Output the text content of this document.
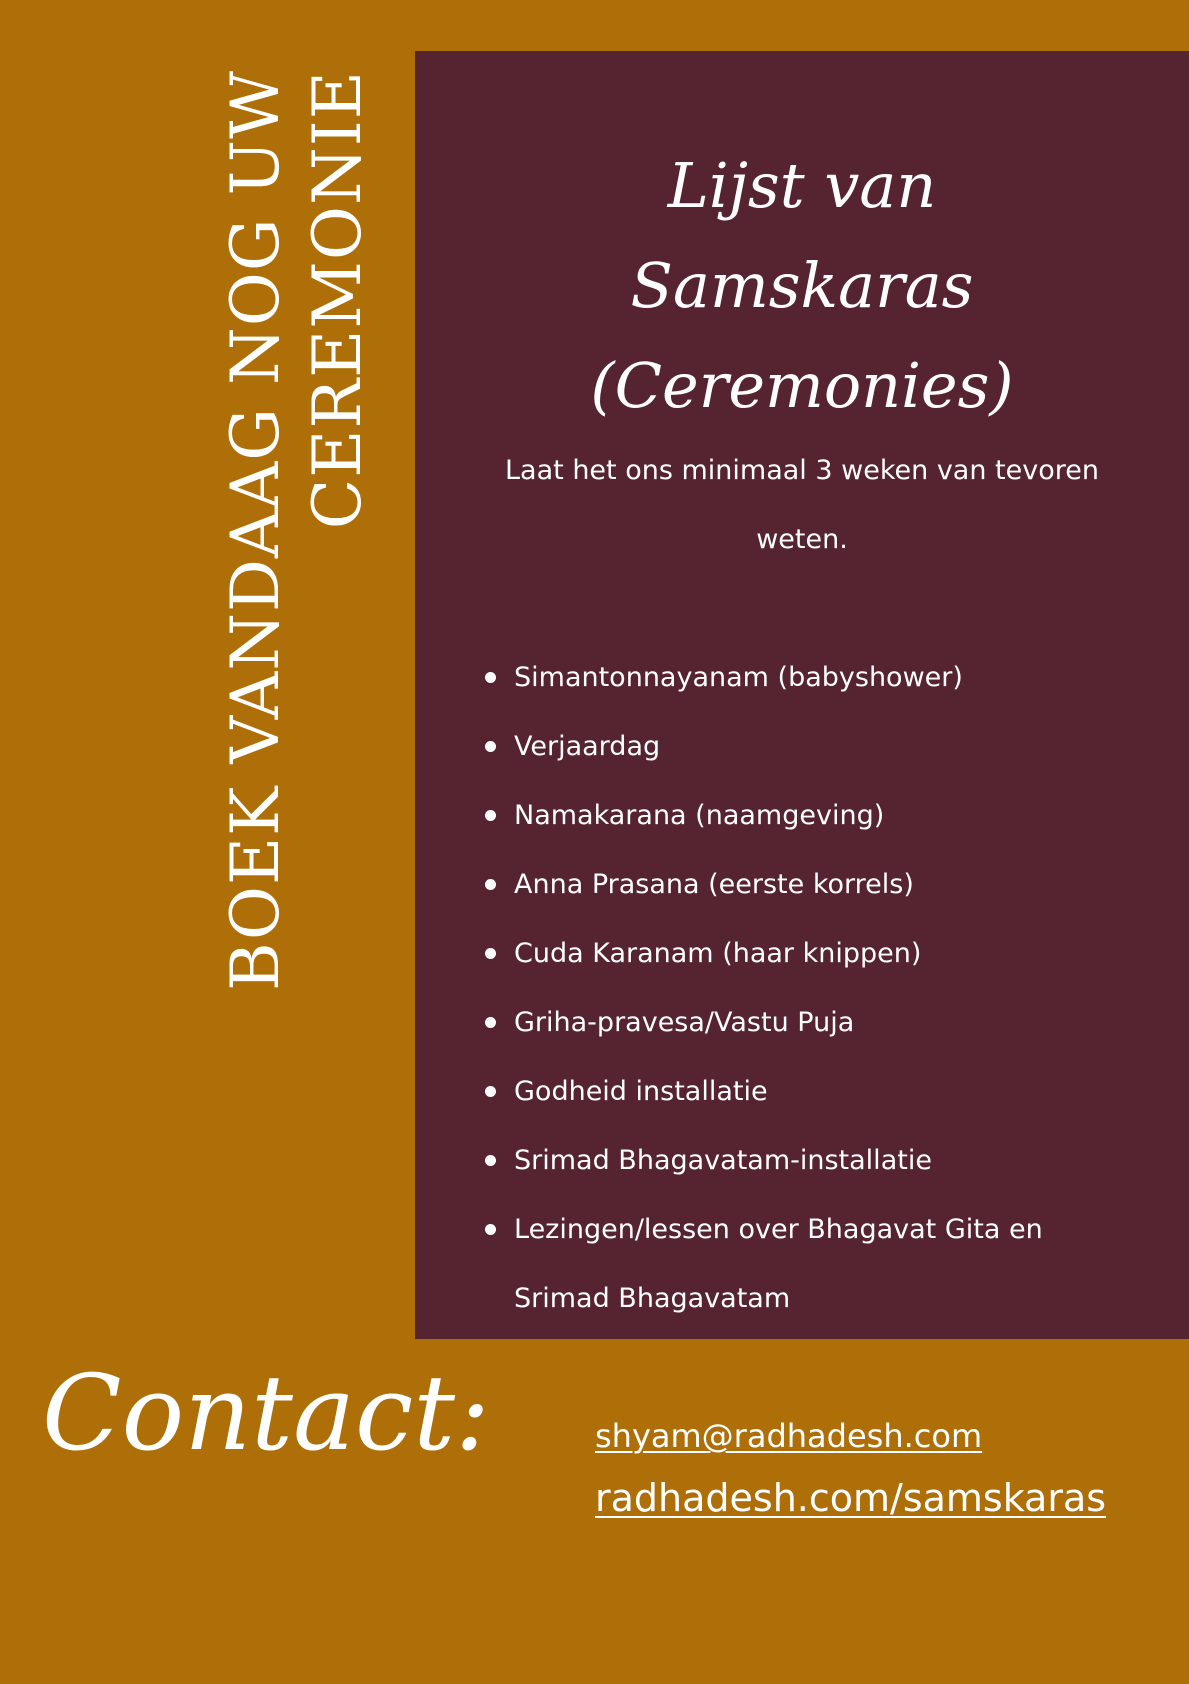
BOEK VANDAAG NOG UW CEREMONIE	Lijst van
Samskaras
(Ceremonies)
Laat het ons minimaal 3 weken van tevoren weten.
Simantonnayanam (babyshower)
Verjaardag
Namakarana (naamgeving)
Anna Prasana (eerste korrels)
Cuda Karanam (haar knippen)
Griha-pravesa/Vastu Puja
Godheid installatie
Srimad Bhagavatam-installatie
Lezingen/lessen over Bhagavat Gita en Srimad Bhagavatam
Contact:	shyam@radhadesh.com
radhadesh.com/samskaras
